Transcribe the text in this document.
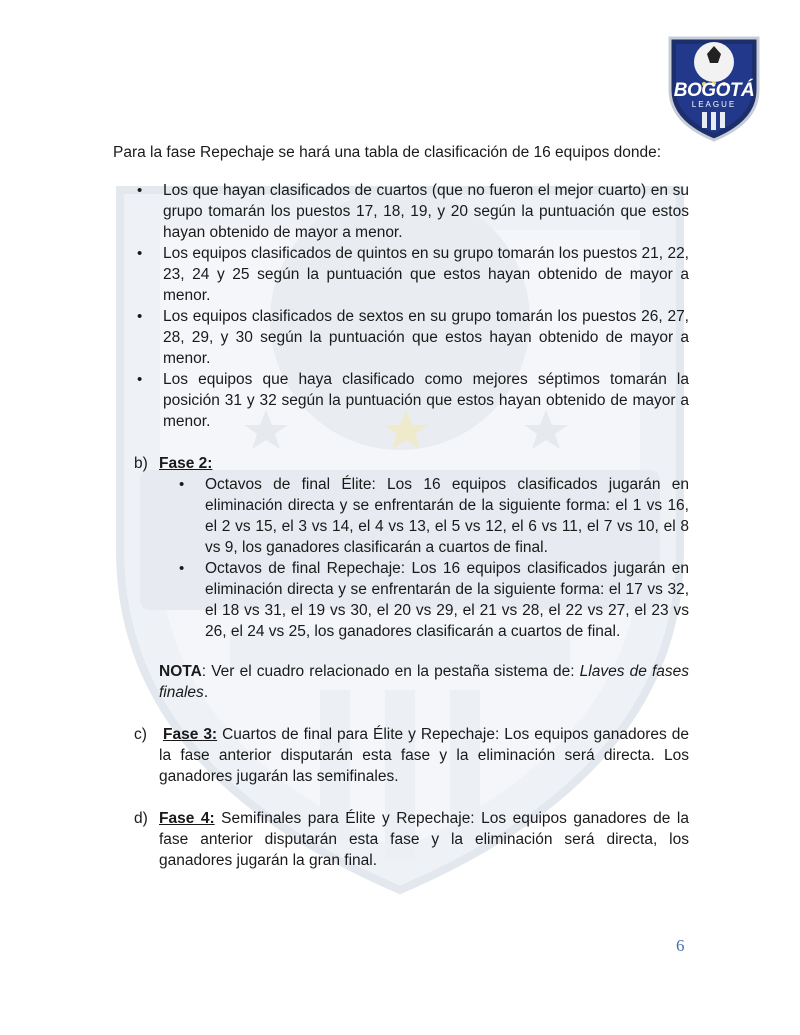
BOGOTÁ
LEAGUE

Para la fase Repechaje se hará una tabla de clasificación de 16 equipos donde:

• Los que hayan clasificados de cuartos (que no fueron el mejor cuarto) en su grupo tomarán los puestos 17, 18, 19, y 20 según la puntuación que estos hayan obtenido de mayor a menor.
• Los equipos clasificados de quintos en su grupo tomarán los puestos 21, 22, 23, 24 y 25 según la puntuación que estos hayan obtenido de mayor a menor.
• Los equipos clasificados de sextos en su grupo tomarán los puestos 26, 27, 28, 29, y 30 según la puntuación que estos hayan obtenido de mayor a menor.
• Los equipos que haya clasificado como mejores séptimos tomarán la posición 31 y 32 según la puntuación que estos hayan obtenido de mayor a menor.
b) Fase 2:
• Octavos de final Élite: Los 16 equipos clasificados jugarán en eliminación directa y se enfrentarán de la siguiente forma: el 1 vs 16, el 2 vs 15, el 3 vs 14, el 4 vs 13, el 5 vs 12, el 6 vs 11, el 7 vs 10, el 8 vs 9, los ganadores clasificarán a cuartos de final.
• Octavos de final Repechaje: Los 16 equipos clasificados jugarán en eliminación directa y se enfrentarán de la siguiente forma: el 17 vs 32, el 18 vs 31, el 19 vs 30, el 20 vs 29, el 21 vs 28, el 22 vs 27, el 23 vs 26, el 24 vs 25, los ganadores clasificarán a cuartos de final.

NOTA: Ver el cuadro relacionado en la pestaña sistema de: Llaves de fases finales.

c) Fase 3: Cuartos de final para Élite y Repechaje: Los equipos ganadores de la fase anterior disputarán esta fase y la eliminación será directa. Los ganadores jugarán las semifinales.

d) Fase 4: Semifinales para Élite y Repechaje: Los equipos ganadores de la fase anterior disputarán esta fase y la eliminación será directa, los ganadores jugarán la gran final.

6
